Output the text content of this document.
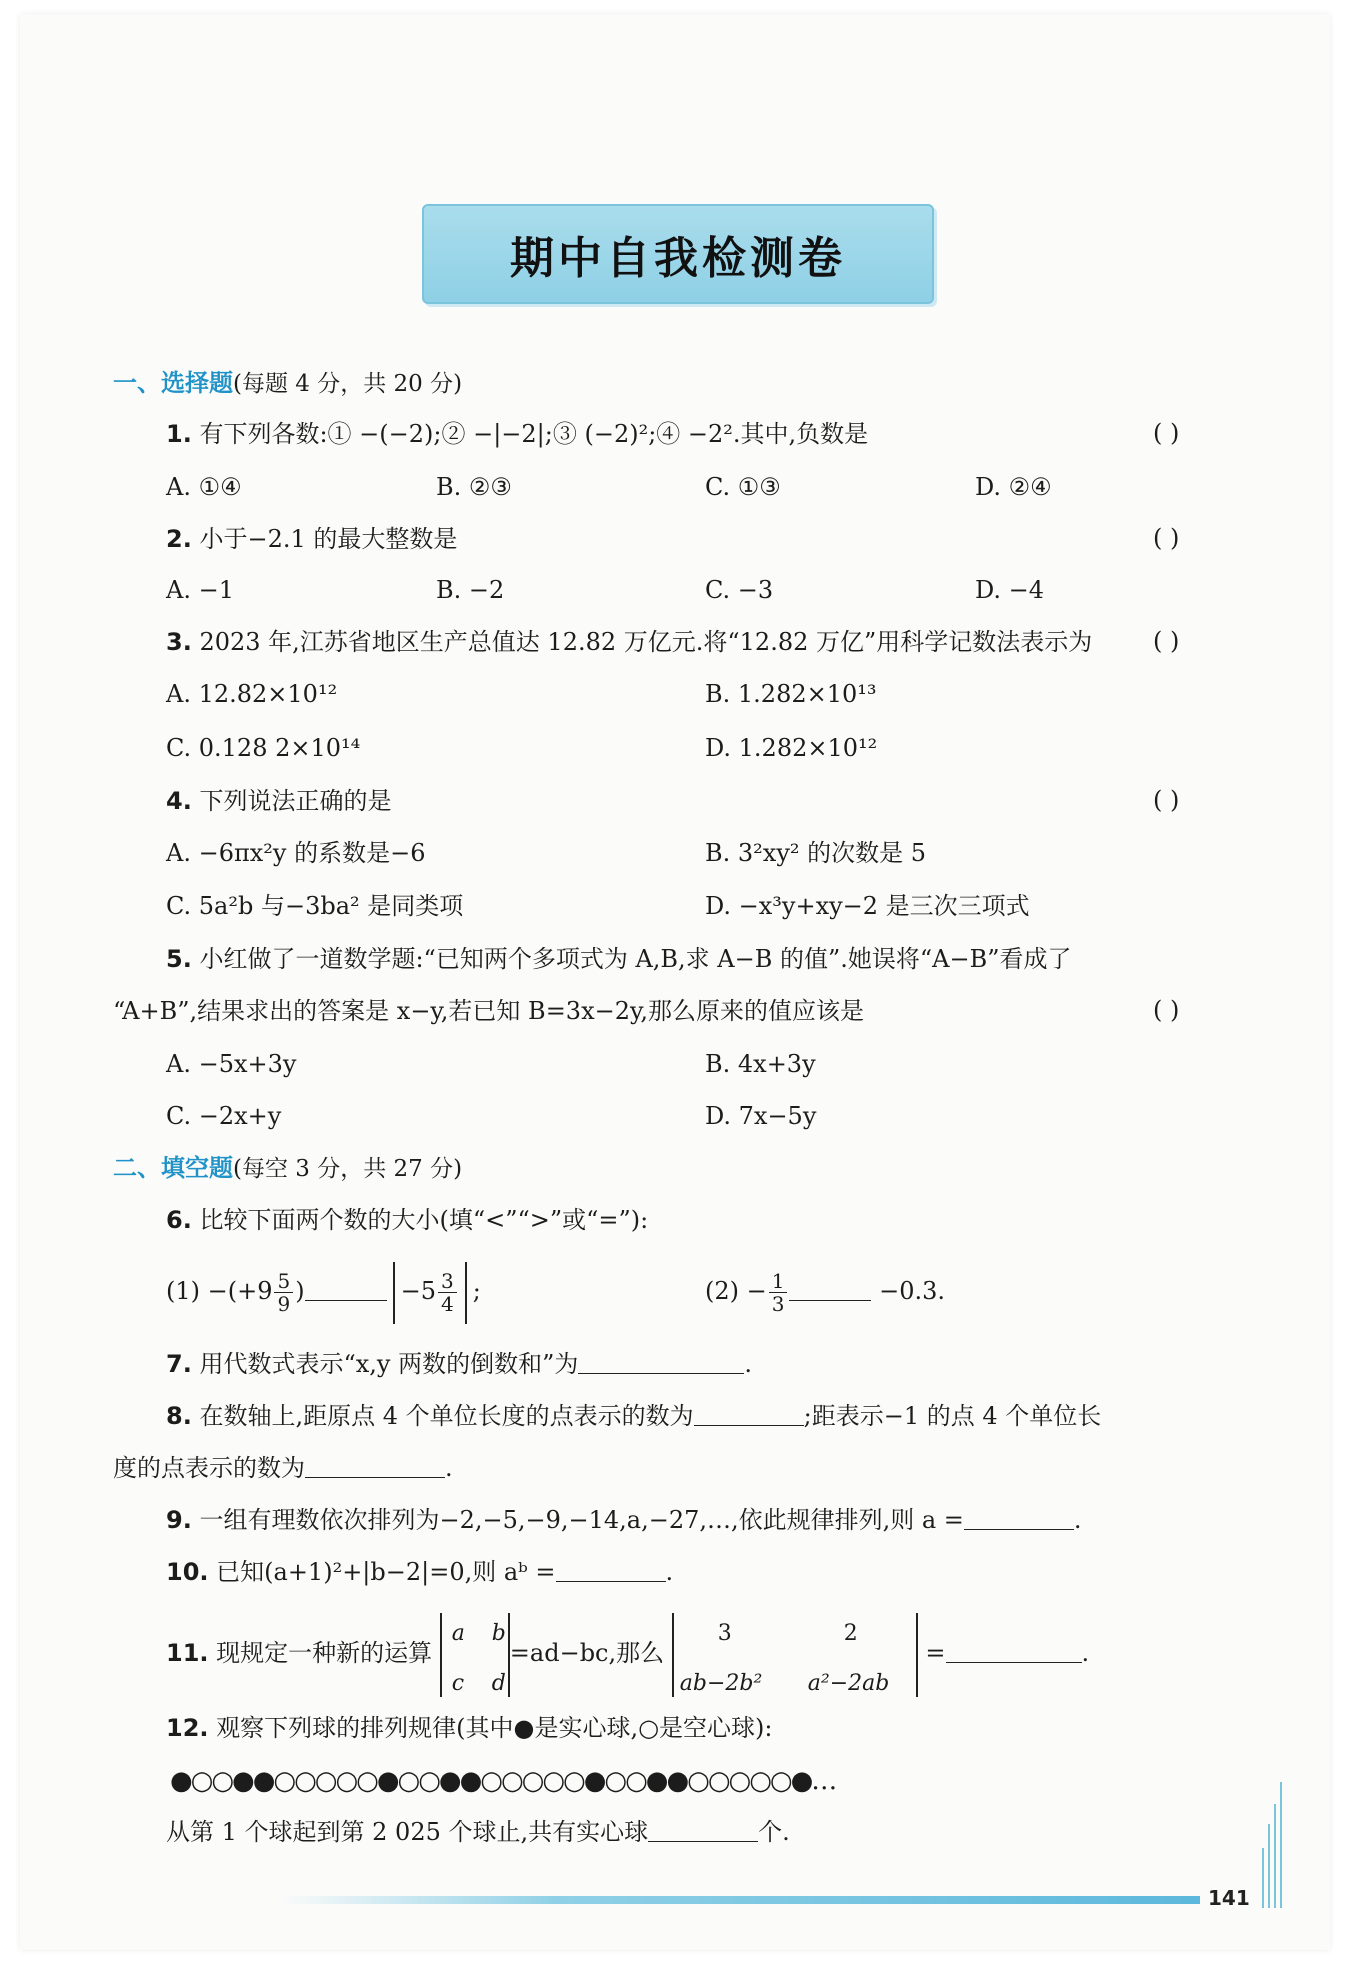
期中自我检测卷
一、选择题(每题 4 分，共 20 分)
1. 有下列各数:① −(−2);② −|−2|;③ (−2)²;④ −2².其中,负数是	( )
A. ①④	B. ②③	C. ①③	D. ②④
2. 小于−2.1 的最大整数是	( )
A. −1	B. −2	C. −3	D. −4
3. 2023 年,江苏省地区生产总值达 12.82 万亿元.将“12.82 万亿”用科学记数法表示为	( )
A. 12.82×10¹²	B. 1.282×10¹³
C. 0.128 2×10¹⁴	D. 1.282×10¹²
4. 下列说法正确的是	( )
A. −6πx²y 的系数是−6	B. 3²xy² 的次数是 5
C. 5a²b 与−3ba² 是同类项	D. −x³y+xy−2 是三次三项式
5. 小红做了一道数学题:“已知两个多项式为 A,B,求 A−B 的值”.她误将“A−B”看成了
“A+B”,结果求出的答案是 x−y,若已知 B=3x−2y,那么原来的值应该是	( )
A. −5x+3y	B. 4x+3y
C. −2x+y	D. 7x−5y
二、填空题(每空 3 分，共 27 分)
6. 比较下面两个数的大小(填“<”“>”或“=”):
$(1) -(+9 \frac{5}{9}$ )	$-5 \frac{3}{4}$ ;	$(2) - \frac{1}{3}$	−0.3.
7. 用代数式表示“x,y 两数的倒数和”为	.
8. 在数轴上,距原点 4 个单位长度的点表示的数为	;距表示−1 的点 4 个单位长
度的点表示的数为	.
9. 一组有理数依次排列为−2,−5,−9,−14,a,−27,…,依此规律排列,则 a =	.
10. 已知(a+1)²+|b−2|=0,则 aᵇ =	.
11. 现规定一种新的运算
a b
c d
=ad−bc,那么
3	2
ab−2b² a²−2ab
=	.
12. 观察下列球的排列规律(其中●是实心球,○是空心球):
●○○●●○○○○○●○○●●○○○○○●○○●●○○○○○●…
从第 1 个球起到第 2 025 个球止,共有实心球	个.
141
